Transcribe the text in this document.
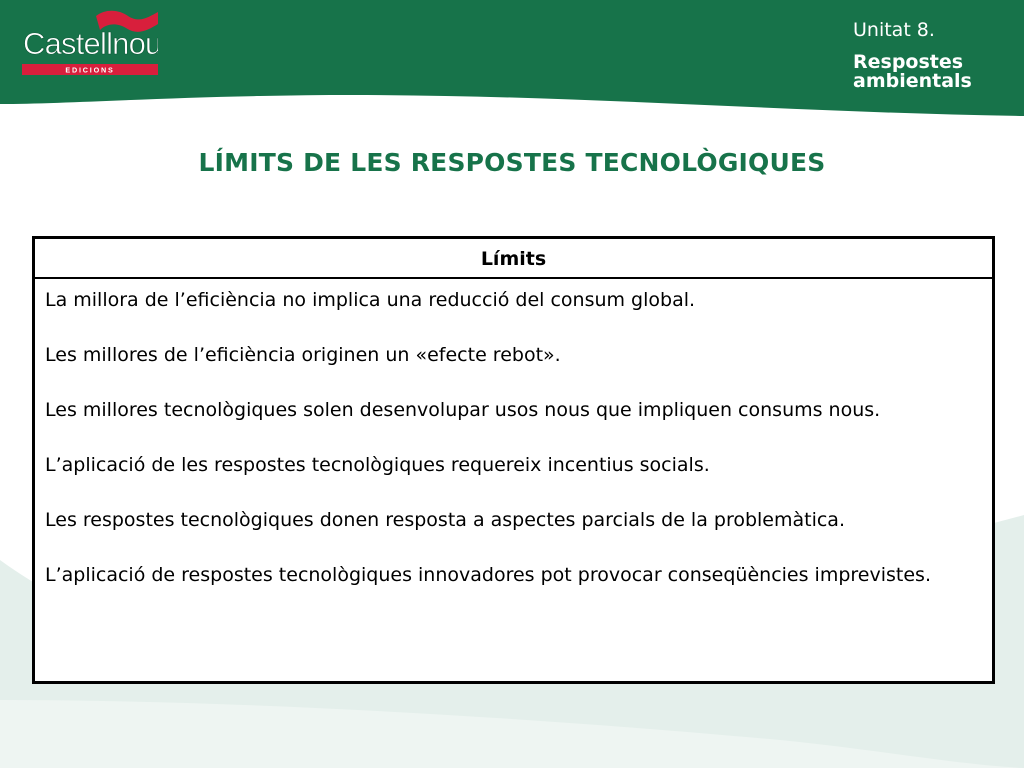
Castellnou
EDICIONS
Unitat 8.
Respostes ambientals
LÍMITS DE LES RESPOSTES TECNOLÒGIQUES
Límits

La millora de l’eficiència no implica una reducció del consum global.

Les millores de l’eficiència originen un «efecte rebot».

Les millores tecnològiques solen desenvolupar usos nous que impliquen consums nous.

L’aplicació de les respostes tecnològiques requereix incentius socials.

Les respostes tecnològiques donen resposta a aspectes parcials de la problemàtica.

L’aplicació de respostes tecnològiques innovadores pot provocar conseqüències imprevistes.
